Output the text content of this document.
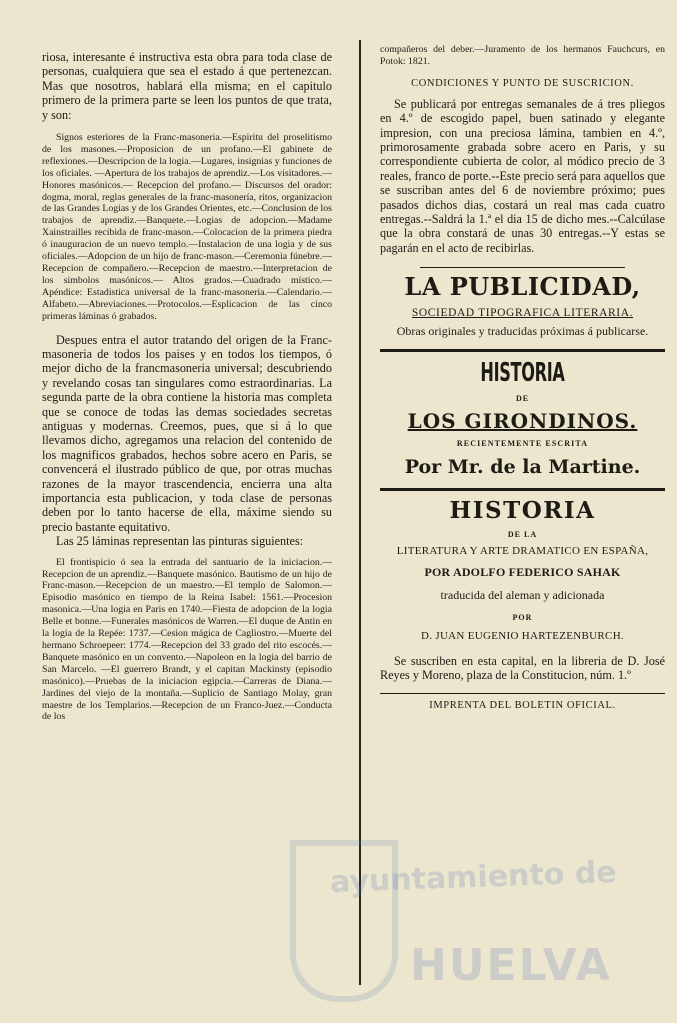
riosa, interesante é instructiva esta obra para toda clase de personas, cualquiera que sea el estado á que pertenezcan. Mas que nosotros, hablará ella misma; en el capitulo primero de la primera parte se leen los puntos de que trata, y son:

Signos esteriores de la Franc-masoneria.—Espiritu del proselitismo de los masones.—Proposicion de un profano.—El gabinete de reflexiones.—Descripcion de la logia.—Lugares, insignias y funciones de los oficiales. —Apertura de los trabajos de aprendiz.—Los visitadores.—Honores masónicos.— Recepcion del profano.— Discursos del orador: dogma, moral, reglas generales de la franc-masonería, ritos, organizacion de las Grandes Logias y de los Grandes Orientes, etc.—Conclusion de los trabajos de aprendiz.—Banquete.—Logias de adopcion.—Madame Xainstrailles recibida de franc-mason.—Colocacion de la primera piedra ó inauguracion de un nuevo templo.—Instalacion de una logia y de sus oficiales.—Adopcion de un hijo de franc-mason.—Ceremonia fúnebre.—Recepcion de compañero.—Recepcion de maestro.—Interpretacion de los simbolos masónicos.— Altos grados.—Cuadrado místico.—Apéndice: Estadistica universal de la franc-masoneria.—Calendario.—Alfabeto.—Abreviaciones.—Protocolos.—Esplicacion de las cinco primeras láminas ó grabados.

Despues entra el autor tratando del origen de la Franc-masoneria de todos los paises y en todos los tiempos, ó mejor dicho de la francmasoneria universal; descubriendo y revelando cosas tan singulares como estraordinarias. La segunda parte de la obra contiene la historia mas completa que se conoce de todas las demas sociedades secretas antiguas y modernas. Creemos, pues, que si á lo que llevamos dicho, agregamos una relacion del contenido de los magnificos grabados, hechos sobre acero en Paris, se convencerá el ilustrado público de que, por otras muchas razones de la mayor trascendencia, encierra una alta importancia esta publicacion, y toda clase de personas deben por lo tanto hacerse de ella, máxime siendo su precio bastante equitativo.

Las 25 láminas representan las pinturas siguientes:

El frontispicio ó sea la entrada del santuario de la iniciacion.—Recepcion de un aprendiz.—Banquete masónico. Bautismo de un hijo de Franc-mason.—Recepcion de un maestro.—El templo de Salomon.—Episodio masónico en tiempo de la Reina Isabel: 1561.—Procesion masonica.—Una logia en Paris en 1740.—Fiesta de adopcion de la logia Belle et bonne.—Funerales masónicos de Warren.—El duque de Antin en la logia de la Repée: 1737.—Cesion mágica de Cagliostro.—Muerte del hermano Schroepeer: 1774.—Recepcion del 33 grado del rito escocés.—Banquete masónico en un convento.—Napoleon en la logia del barrio de San Marcelo. —El guerrero Brandt, y el capitan Mackinsty (episodio masónico).—Pruebas de la iniciacion egipcia.—Carreras de Diana.—Jardines del viejo de la montaña.—Suplicio de Santiago Molay, gran maestre de los Templarios.—Recepcion de un Franco-Juez.—Conducta de los

compañeros del deber.—Juramento de los hermanos Fauchcurs, en Potok: 1821.

CONDICIONES Y PUNTO DE SUSCRICION.

Se publicará por entregas semanales de á tres pliegos en 4.º de escogido papel, buen satinado y elegante impresion, con una preciosa lámina, tambien en 4.º, primorosamente grabada sobre acero en Paris, y su correspondiente cubierta de color, al módico precio de 3 reales, franco de porte.--Este precio será para aquellos que se suscriban antes del 6 de noviembre próximo; pues pasados dichos dias, costará un real mas cada cuatro entregas.--Saldrá la 1.ª el dia 15 de dicho mes.--Calcúlase que la obra constará de unas 30 entregas.--Y estas se pagarán en el acto de recibirlas.

LA PUBLICIDAD,
SOCIEDAD TIPOGRAFICA LITERARIA.
Obras originales y traducidas próximas á publicarse.
HISTORIA
DE
LOS GIRONDINOS.
RECIENTEMENTE ESCRITA
Por Mr. de la Martine.
HISTORIA
DE LA
LITERATURA Y ARTE DRAMATICO EN ESPAÑA,
POR ADOLFO FEDERICO SAHAK
traducida del aleman y adicionada
POR
D. JUAN EUGENIO HARTEZENBURCH.

Se suscriben en esta capital, en la libreria de D. José Reyes y Moreno, plaza de la Constitucion, núm. 1.º

IMPRENTA DEL BOLETIN OFICIAL.
ayuntamiento de
HUELVA
